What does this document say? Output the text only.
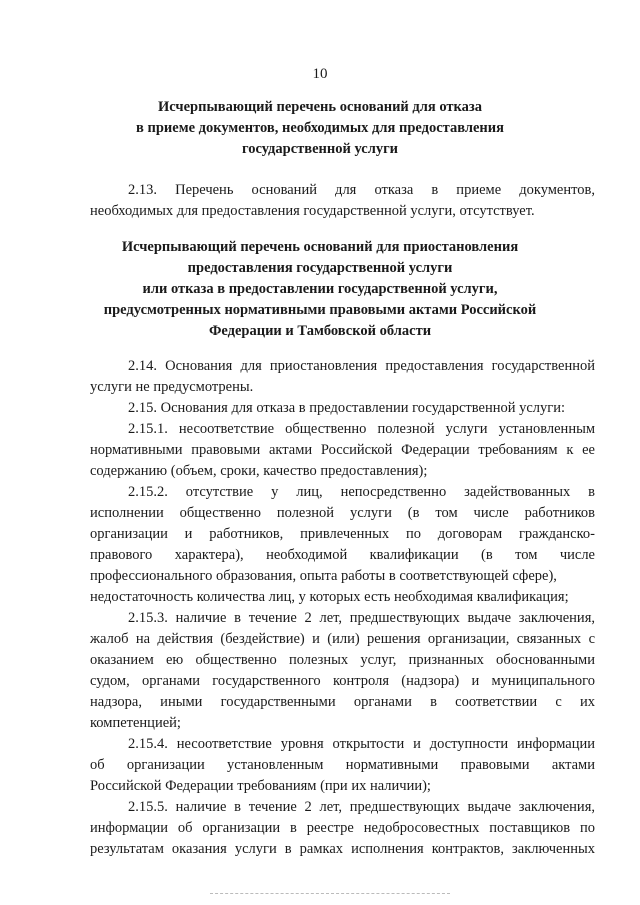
10
Исчерпывающий перечень оснований для отказа
в приеме документов, необходимых для предоставления
государственной услуги
2.13. Перечень оснований для отказа в приеме документов,
необходимых для предоставления государственной услуги, отсутствует.
Исчерпывающий перечень оснований для приостановления
предоставления государственной услуги
или отказа в предоставлении государственной услуги,
предусмотренных нормативными правовыми актами Российской
Федерации и Тамбовской области
2.14. Основания для приостановления предоставления государственной
услуги не предусмотрены.
2.15. Основания для отказа в предоставлении государственной услуги:
2.15.1. несоответствие общественно полезной услуги установленным
нормативными правовыми актами Российской Федерации требованиям к ее
содержанию (объем, сроки, качество предоставления);
2.15.2. отсутствие у лиц, непосредственно задействованных в
исполнении общественно полезной услуги (в том числе работников
организации и работников, привлеченных по договорам гражданско-
правового характера), необходимой квалификации (в том числе
профессионального образования, опыта работы в соответствующей сфере),
недостаточность количества лиц, у которых есть необходимая квалификация;
2.15.3. наличие в течение 2 лет, предшествующих выдаче заключения,
жалоб на действия (бездействие) и (или) решения организации, связанных с
оказанием ею общественно полезных услуг, признанных обоснованными
судом, органами государственного контроля (надзора) и муниципального
надзора, иными государственными органами в соответствии с их
компетенцией;
2.15.4. несоответствие уровня открытости и доступности информации
об организации установленным нормативными правовыми актами
Российской Федерации требованиям (при их наличии);
2.15.5. наличие в течение 2 лет, предшествующих выдаче заключения,
информации об организации в реестре недобросовестных поставщиков по
результатам оказания услуги в рамках исполнения контрактов, заключенных
